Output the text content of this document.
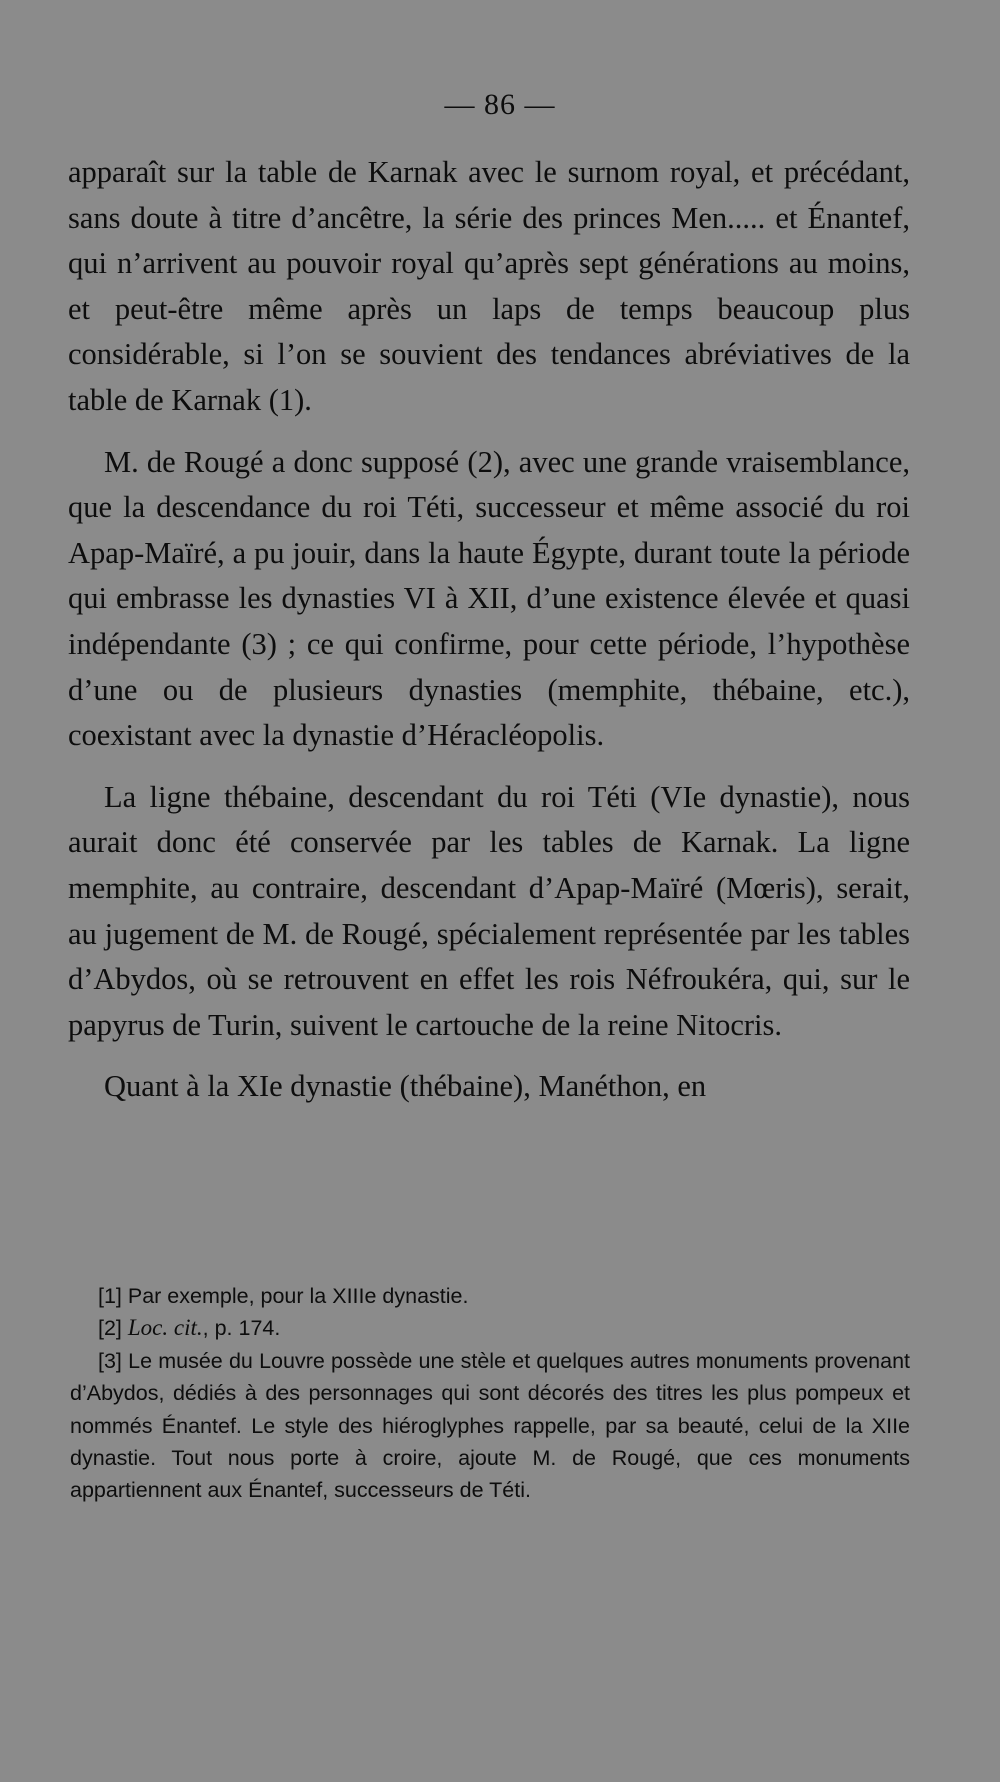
— 86 —

apparaît sur la table de Karnak avec le surnom royal, et précédant, sans doute à titre d’ancêtre, la série des princes Men..... et Énantef, qui n’arrivent au pouvoir royal qu’après sept générations au moins, et peut-être même après un laps de temps beaucoup plus considérable, si l’on se souvient des tendances abréviatives de la table de Karnak (1).

M. de Rougé a donc supposé (2), avec une grande vraisemblance, que la descendance du roi Téti, successeur et même associé du roi Apap-Maïré, a pu jouir, dans la haute Égypte, durant toute la période qui embrasse les dynasties VI à XII, d’une existence élevée et quasi indépendante (3) ; ce qui confirme, pour cette période, l’hypothèse d’une ou de plusieurs dynasties (memphite, thébaine, etc.), coexistant avec la dynastie d’Héracléopolis.

La ligne thébaine, descendant du roi Téti (VIe dynastie), nous aurait donc été conservée par les tables de Karnak. La ligne memphite, au contraire, descendant d’Apap-Maïré (Mœris), serait, au jugement de M. de Rougé, spécialement représentée par les tables d’Abydos, où se retrouvent en effet les rois Néfroukéra, qui, sur le papyrus de Turin, suivent le cartouche de la reine Nitocris.

Quant à la XIe dynastie (thébaine), Manéthon, en

[1] Par exemple, pour la XIIIe dynastie.

[2] Loc. cit., p. 174.

[3] Le musée du Louvre possède une stèle et quelques autres monuments provenant d’Abydos, dédiés à des personnages qui sont décorés des titres les plus pompeux et nommés Énantef. Le style des hiéroglyphes rappelle, par sa beauté, celui de la XIIe dynastie. Tout nous porte à croire, ajoute M. de Rougé, que ces monuments appartiennent aux Énantef, successeurs de Téti.
